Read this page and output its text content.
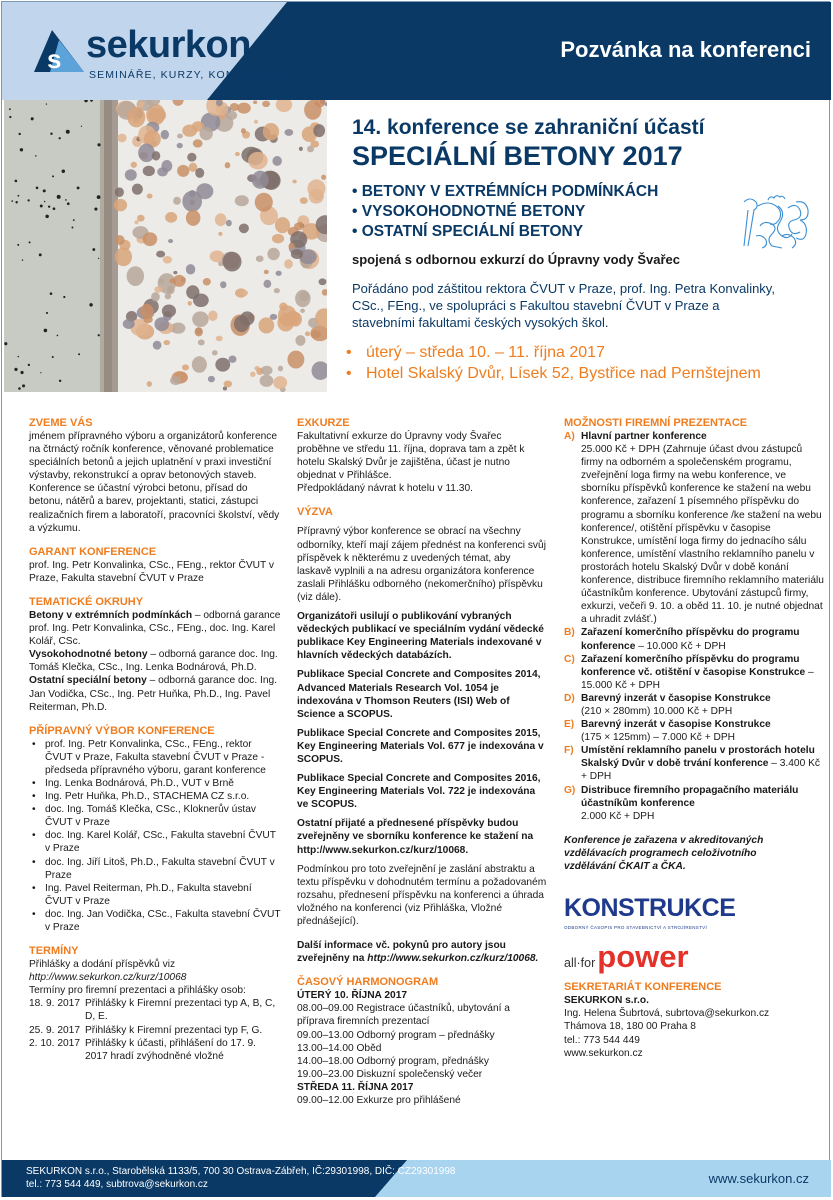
s sekurkon
SEMINÁŘE, KURZY, KONFERENCE
Pozvánka na konferenci

14. konference se zahraniční účastí

SPECIÁLNÍ BETONY 2017

• BETONY V EXTRÉMNÍCH PODMÍNKÁCH
• VYSOKOHODNOTNÉ BETONY
• OSTATNÍ SPECIÁLNÍ BETONY
spojená s odbornou exkurzí do Úpravny vody Švařec
Pořádáno pod záštitou rektora ČVUT v Praze, prof. Ing. Petra Konvalinky, CSc., FEng., ve spolupráci s Fakultou stavební ČVUT v Praze a stavebními fakultami českých vysokých škol.
• úterý – středa 10. – 11. října 2017
• Hotel Skalský Dvůr, Lísek 52, Bystřice nad Pernštejnem
ZVEME VÁS

jménem přípravného výboru a organizátorů konference na čtrnáctý ročník konference, věnované problematice speciálních betonů a jejich uplatnění v praxi investiční výstavby, rekonstrukcí a oprav betonových staveb. Konference se účastní výrobci betonu, přísad do betonu, nátěrů a barev, projektanti, statici, zástupci realizačních firem a laboratoří, pracovníci školství, vědy a výzkumu.

GARANT KONFERENCE

prof. Ing. Petr Konvalinka, CSc., FEng., rektor ČVUT v Praze, Fakulta stavební ČVUT v Praze

TEMATICKÉ OKRUHY

Betony v extrémních podmínkách – odborná garance prof. Ing. Petr Konvalinka, CSc., FEng., doc. Ing. Karel Kolář, CSc.

Vysokohodnotné betony – odborná garance doc. Ing. Tomáš Klečka, CSc., Ing. Lenka Bodnárová, Ph.D.

Ostatní speciální betony – odborná garance doc. Ing. Jan Vodička, CSc., Ing. Petr Huňka, Ph.D., Ing. Pavel Reiterman, Ph.D.

PŘÍPRAVNÝ VÝBOR KONFERENCE
• prof. Ing. Petr Konvalinka, CSc., FEng., rektor ČVUT v Praze, Fakulta stavební ČVUT v Praze - předseda přípravného výboru, garant konference
• Ing. Lenka Bodnárová, Ph.D., VUT v Brně
• Ing. Petr Huňka, Ph.D., STACHEMA CZ s.r.o.
• doc. Ing. Tomáš Klečka, CSc., Kloknerův ústav ČVUT v Praze
• doc. Ing. Karel Kolář, CSc., Fakulta stavební ČVUT v Praze
• doc. Ing. Jiří Litoš, Ph.D., Fakulta stavební ČVUT v Praze
• Ing. Pavel Reiterman, Ph.D., Fakulta stavební ČVUT v Praze
• doc. Ing. Jan Vodička, CSc., Fakulta stavební ČVUT v Praze
TERMÍNY

Přihlášky a dodání příspěvků viz

http://www.sekurkon.cz/kurz/10068

Termíny pro firemní prezentaci a přihlášky osob:

18. 9. 2017 Přihlášky k Firemní prezentaci typ A, B, C, D, E.
25. 9. 2017 Přihlášky k Firemní prezentaci typ F, G.
2. 10. 2017 Přihlášky k účasti, přihlášení do 17. 9. 2017 hradí zvýhodněné vložné
EXKURZE

Fakultativní exkurze do Úpravny vody Švařec proběhne ve středu 11. října, doprava tam a zpět k hotelu Skalský Dvůr je zajištěna, účast je nutno objednat v Přihlášce.

Předpokládaný návrat k hotelu v 11.30.

VÝZVA

Přípravný výbor konference se obrací na všechny odborníky, kteří mají zájem přednést na konferenci svůj příspěvek k některému z uvedených témat, aby laskavě vyplnili a na adresu organizátora konference zaslali Přihlášku odborného (nekomerčního) příspěvku (viz dále).

Organizátoři usilují o publikování vybraných vědeckých publikací ve speciálním vydání vědecké publikace Key Engineering Materials indexované v hlavních vědeckých databázích.

Publikace Special Concrete and Composites 2014, Advanced Materials Research Vol. 1054 je indexována v Thomson Reuters (ISI) Web of Science a SCOPUS.

Publikace Special Concrete and Composites 2015, Key Engineering Materials Vol. 677 je indexována v SCOPUS.

Publikace Special Concrete and Composites 2016, Key Engineering Materials Vol. 722 je indexována ve SCOPUS.

Ostatní přijaté a přednesené příspěvky budou zveřejněny ve sborníku konference ke stažení na http://www.sekurkon.cz/kurz/10068.

Podmínkou pro toto zveřejnění je zaslání abstraktu a textu příspěvku v dohodnutém termínu a požadovaném rozsahu, přednesení příspěvku na konferenci a úhrada vložného na konferenci (viz Přihláška, Vložné přednášející).

Další informace vč. pokynů pro autory jsou zveřejněny na http://www.sekurkon.cz/kurz/10068.

ČASOVÝ HARMONOGRAM

ÚTERÝ 10. ŘÍJNA 2017

08.00–09.00 Registrace účastníků, ubytování a příprava firemních prezentací

09.00–13.00 Odborný program – přednášky

13.00–14.00 Oběd

14.00–18.00 Odborný program, přednášky

19.00–23.00 Diskuzní společenský večer

STŘEDA 11. ŘÍJNA 2017

09.00–12.00 Exkurze pro přihlášené

MOŽNOSTI FIREMNÍ PREZENTACE
A) Hlavní partner konference
25.000 Kč + DPH (Zahrnuje účast dvou zástupců firmy na odborném a společenském programu, zveřejnění loga firmy na webu konference, ve sborníku příspěvků konference ke stažení na webu konference, zařazení 1 písemného příspěvku do programu a sborníku konference /ke stažení na webu konference/, otištění příspěvku v časopise Konstrukce, umístění loga firmy do jednacího sálu konference, umístění vlastního reklamního panelu v prostorách hotelu Skalský Dvůr v době konání konference, distribuce firemního reklamního materiálu účastníkům konference. Ubytování zástupců firmy, exkurzi, večeři 9. 10. a oběd 11. 10. je nutné objednat a uhradit zvlášť.)
B) Zařazení komerčního příspěvku do programu konference – 10.000 Kč + DPH
C) Zařazení komerčního příspěvku do programu konference vč. otištění v časopise Konstrukce – 15.000 Kč + DPH
D) Barevný inzerát v časopise Konstrukce
(210 × 280mm) 10.000 Kč + DPH
E) Barevný inzerát v časopise Konstrukce
(175 × 125mm) – 7.000 Kč + DPH
F) Umístění reklamního panelu v prostorách hotelu Skalský Dvůr v době trvání konference – 3.400 Kč + DPH
G) Distribuce firemního propagačního materiálu účastníkům konference
2.000 Kč + DPH

Konference je zařazena v akreditovaných vzdělávacích programech celoživotního vzdělávání ČKAIT a ČKA.

KONSTRUKCE
ODBORNÝ ČASOPIS PRO STAVEBNICTVÍ A STROJÍRENSTVÍ
all·for power
SEKRETARIÁT KONFERENCE

SEKURKON s.r.o.

Ing. Helena Šubrtová, subrtova@sekurkon.cz

Thámova 18, 180 00 Praha 8

tel.: 773 544 449

www.sekurkon.cz

SEKURKON s.r.o., Starobělská 1133/5, 700 30 Ostrava-Zábřeh, IČ:29301998, DIČ: CZ29301998
tel.: 773 544 449, subtrova@sekurkon.cz	www.sekurkon.cz
